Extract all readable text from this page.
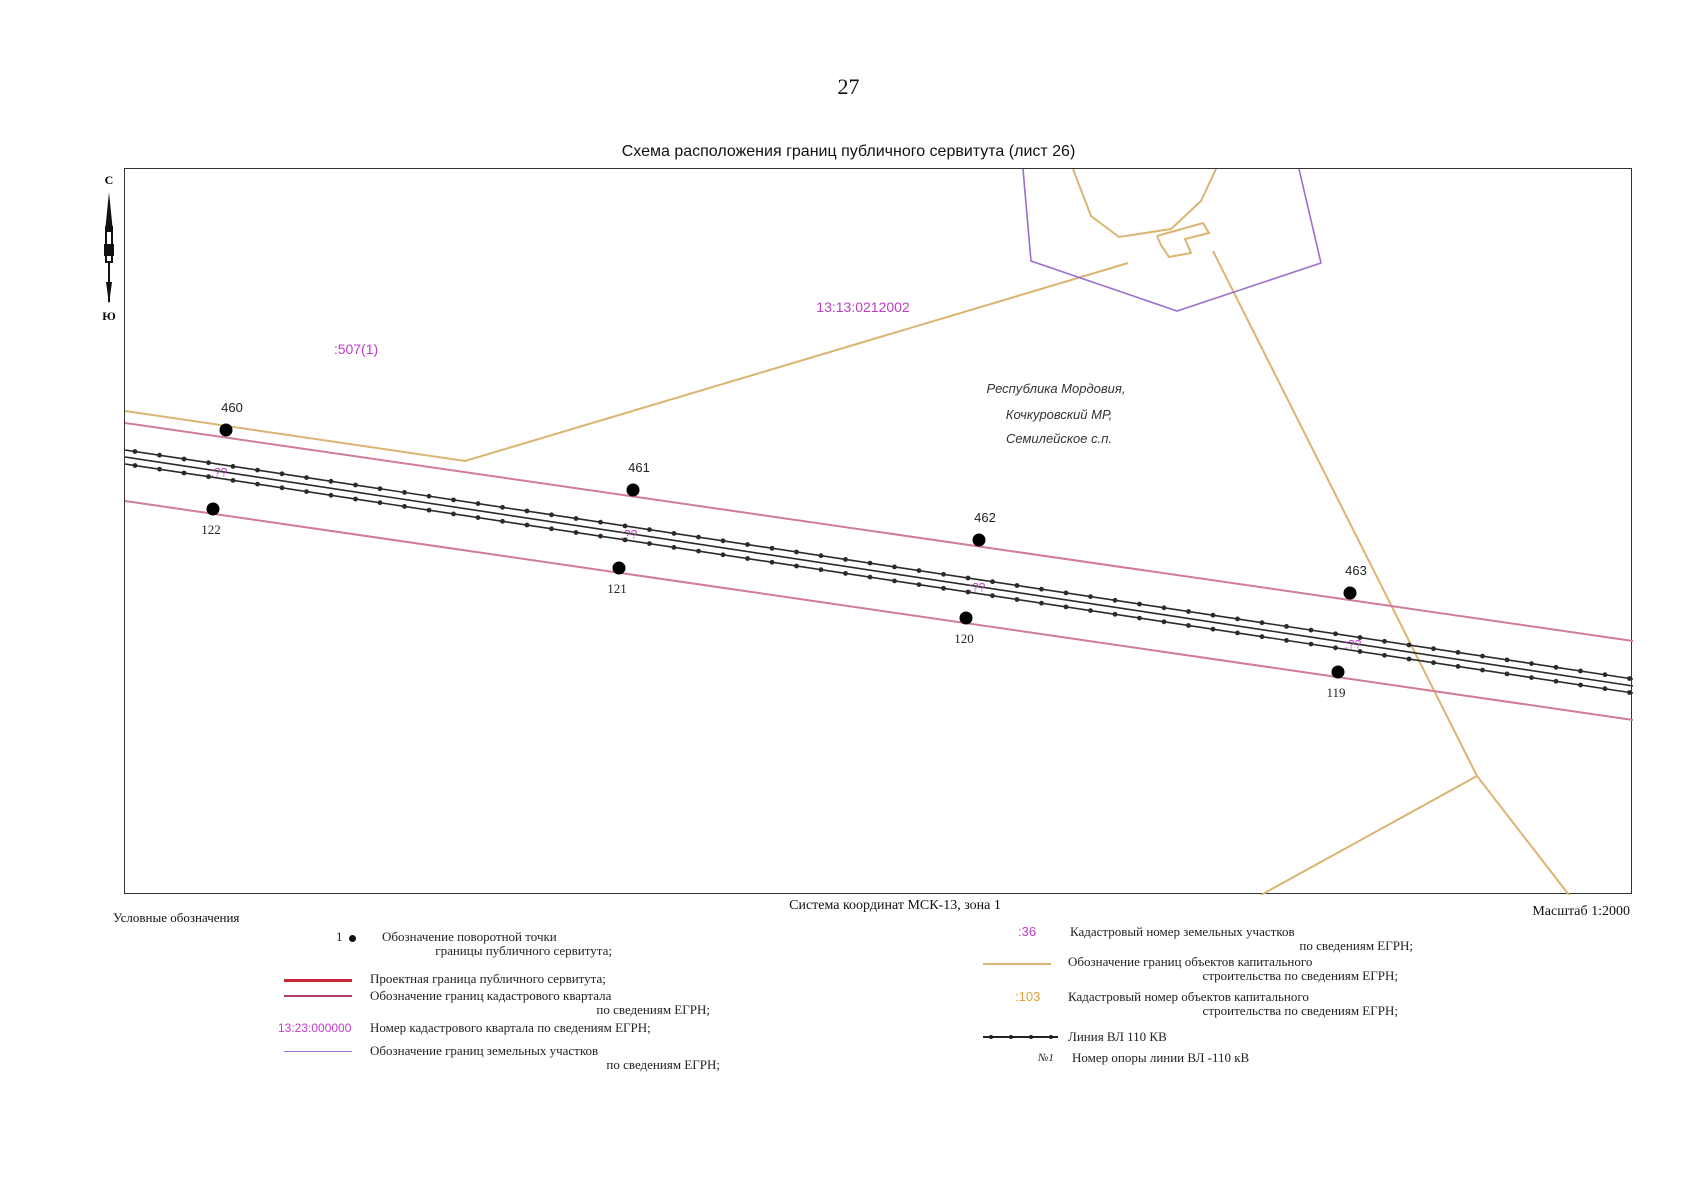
27
Схема расположения границ публичного сервитута (лист 26)
С
Ю
:??
:??
:??
:??
460
461
462
463
122
121
120
119
13:13:0212002
:507(1)
Республика Мордовия,
Кочкуровский МР,
Семилейское с.п.
Система координат МСК-13, зона 1	Масштаб 1:2000
Условные обозначения
1	Обозначение поворотной точки
границы публичного сервитута;
Проектная граница публичного сервитута;
Обозначение границ кадастрового квартала
по сведениям ЕГРН;
13:23:000000 Номер кадастрового квартала по сведениям ЕГРН;
Обозначение границ земельных участков
по сведениям ЕГРН;
:36	Кадастровый номер земельных участков
по сведениям ЕГРН;
Обозначение границ объектов капитального
строительства по сведениям ЕГРН;
:103 Кадастровый номер объектов капитального
строительства по сведениям ЕГРН;
Линия ВЛ 110 КВ
№1 Номер опоры линии ВЛ -110 кВ
